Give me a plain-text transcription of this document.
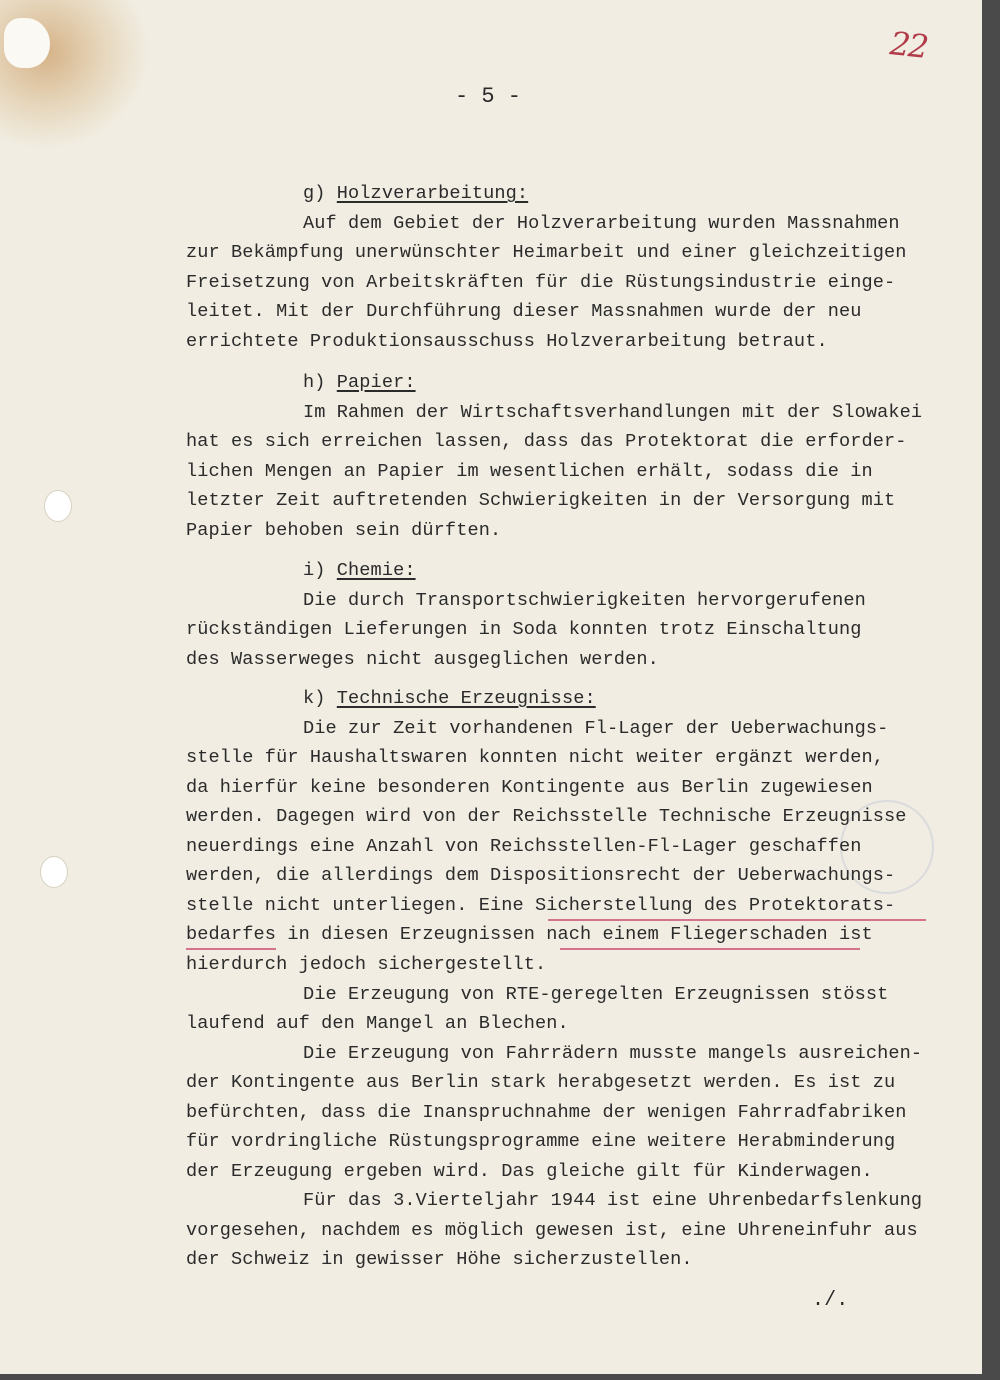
- 5 -
22
g) Holzverarbeitung:
Auf dem Gebiet der Holzverarbeitung wurden Massnahmen
zur Bekämpfung unerwünschter Heimarbeit und einer gleichzeitigen
Freisetzung von Arbeitskräften für die Rüstungsindustrie einge-
leitet. Mit der Durchführung dieser Massnahmen wurde der neu
errichtete Produktionsausschuss Holzverarbeitung betraut.
h) Papier:
Im Rahmen der Wirtschaftsverhandlungen mit der Slowakei
hat es sich erreichen lassen, dass das Protektorat die erforder-
lichen Mengen an Papier im wesentlichen erhält, sodass die in
letzter Zeit auftretenden Schwierigkeiten in der Versorgung mit
Papier behoben sein dürften.
i) Chemie:
Die durch Transportschwierigkeiten hervorgerufenen
rückständigen Lieferungen in Soda konnten trotz Einschaltung
des Wasserweges nicht ausgeglichen werden.
k) Technische Erzeugnisse:
Die zur Zeit vorhandenen Fl-Lager der Ueberwachungs-
stelle für Haushaltswaren konnten nicht weiter ergänzt werden,
da hierfür keine besonderen Kontingente aus Berlin zugewiesen
werden. Dagegen wird von der Reichsstelle Technische Erzeugnisse
neuerdings eine Anzahl von Reichsstellen-Fl-Lager geschaffen
werden, die allerdings dem Dispositionsrecht der Ueberwachungs-
stelle nicht unterliegen. Eine Sicherstellung des Protektorats-
bedarfes in diesen Erzeugnissen nach einem Fliegerschaden ist
hierdurch jedoch sichergestellt.
Die Erzeugung von RTE-geregelten Erzeugnissen stösst
laufend auf den Mangel an Blechen.
Die Erzeugung von Fahrrädern musste mangels ausreichen-
der Kontingente aus Berlin stark herabgesetzt werden. Es ist zu
befürchten, dass die Inanspruchnahme der wenigen Fahrradfabriken
für vordringliche Rüstungsprogramme eine weitere Herabminderung
der Erzeugung ergeben wird. Das gleiche gilt für Kinderwagen.
Für das 3.Vierteljahr 1944 ist eine Uhrenbedarfslenkung
vorgesehen, nachdem es möglich gewesen ist, eine Uhreneinfuhr aus
der Schweiz in gewisser Höhe sicherzustellen.
./.
